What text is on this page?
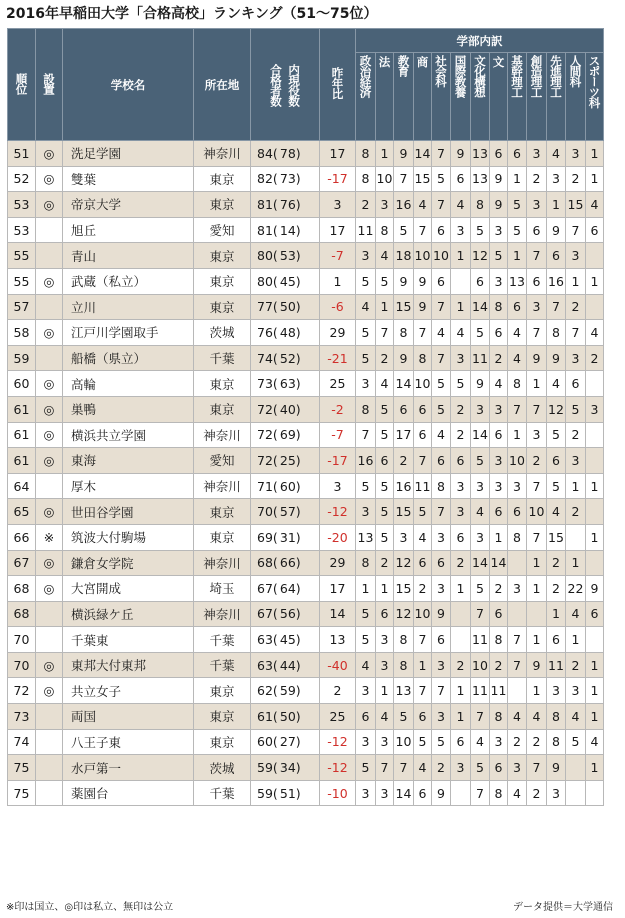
2016年早稲田大学「合格高校」ランキング（51〜75位）
順位	設置	学校名	所在地	合格者数 内現役数	昨年比	学部内訳												
						政治経済	法	教育	商	社会科	国際教養	文化構想	文	基幹理工	創造理工	先進理工	人間科	スポーツ科
51	◎	洗足学園	神奈川	84( 78)	17	8	1	9	14	7	9	13	6	6	3	4	3	1
52	◎	雙葉	東京	82( 73)	-17	8	10	7	15	5	6	13	9	1	2	3	2	1
53	◎	帝京大学	東京	81( 76)	3	2	3	16	4	7	4	8	9	5	3	1	15	4
53		旭丘	愛知	81( 14)	17	11	8	5	7	6	3	5	3	5	6	9	7	6
55		青山	東京	80( 53)	-7	3	4	18	10	10	1	12	5	1	7	6	3	
55	◎	武蔵（私立）	東京	80( 45)	1	5	5	9	9	6		6	3	13	6	16	1	1
57		立川	東京	77( 50)	-6	4	1	15	9	7	1	14	8	6	3	7	2	
58	◎	江戸川学園取手	茨城	76( 48)	29	5	7	8	7	4	4	5	6	4	7	8	7	4
59		船橋（県立）	千葉	74( 52)	-21	5	2	9	8	7	3	11	2	4	9	9	3	2
60	◎	高輪	東京	73( 63)	25	3	4	14	10	5	5	9	4	8	1	4	6	
61	◎	巣鴨	東京	72( 40)	-2	8	5	6	6	5	2	3	3	7	7	12	5	3
61	◎	横浜共立学園	神奈川	72( 69)	-7	7	5	17	6	4	2	14	6	1	3	5	2	
61	◎	東海	愛知	72( 25)	-17	16	6	2	7	6	6	5	3	10	2	6	3	
64		厚木	神奈川	71( 60)	3	5	5	16	11	8	3	3	3	3	7	5	1	1
65	◎	世田谷学園	東京	70( 57)	-12	3	5	15	5	7	3	4	6	6	10	4	2	
66	※	筑波大付駒場	東京	69( 31)	-20	13	5	3	4	3	6	3	1	8	7	15		1
67	◎	鎌倉女学院	神奈川	68( 66)	29	8	2	12	6	6	2	14	14		1	2	1	
68	◎	大宮開成	埼玉	67( 64)	17	1	1	15	2	3	1	5	2	3	1	2	22	9
68		横浜緑ケ丘	神奈川	67( 56)	14	5	6	12	10	9		7	6			1	4	6
70		千葉東	千葉	63( 45)	13	5	3	8	7	6		11	8	7	1	6	1	
70	◎	東邦大付東邦	千葉	63( 44)	-40	4	3	8	1	3	2	10	2	7	9	11	2	1
72	◎	共立女子	東京	62( 59)	2	3	1	13	7	7	1	11	11		1	3	3	1
73		両国	東京	61( 50)	25	6	4	5	6	3	1	7	8	4	4	8	4	1
74		八王子東	東京	60( 27)	-12	3	3	10	5	5	6	4	3	2	2	8	5	4
75		水戸第一	茨城	59( 34)	-12	5	7	7	4	2	3	5	6	3	7	9		1
75		薬園台	千葉	59( 51)	-10	3	3	14	6	9		7	8	4	2	3		
※印は国立、◎印は私立、無印は公立	データ提供＝大学通信
